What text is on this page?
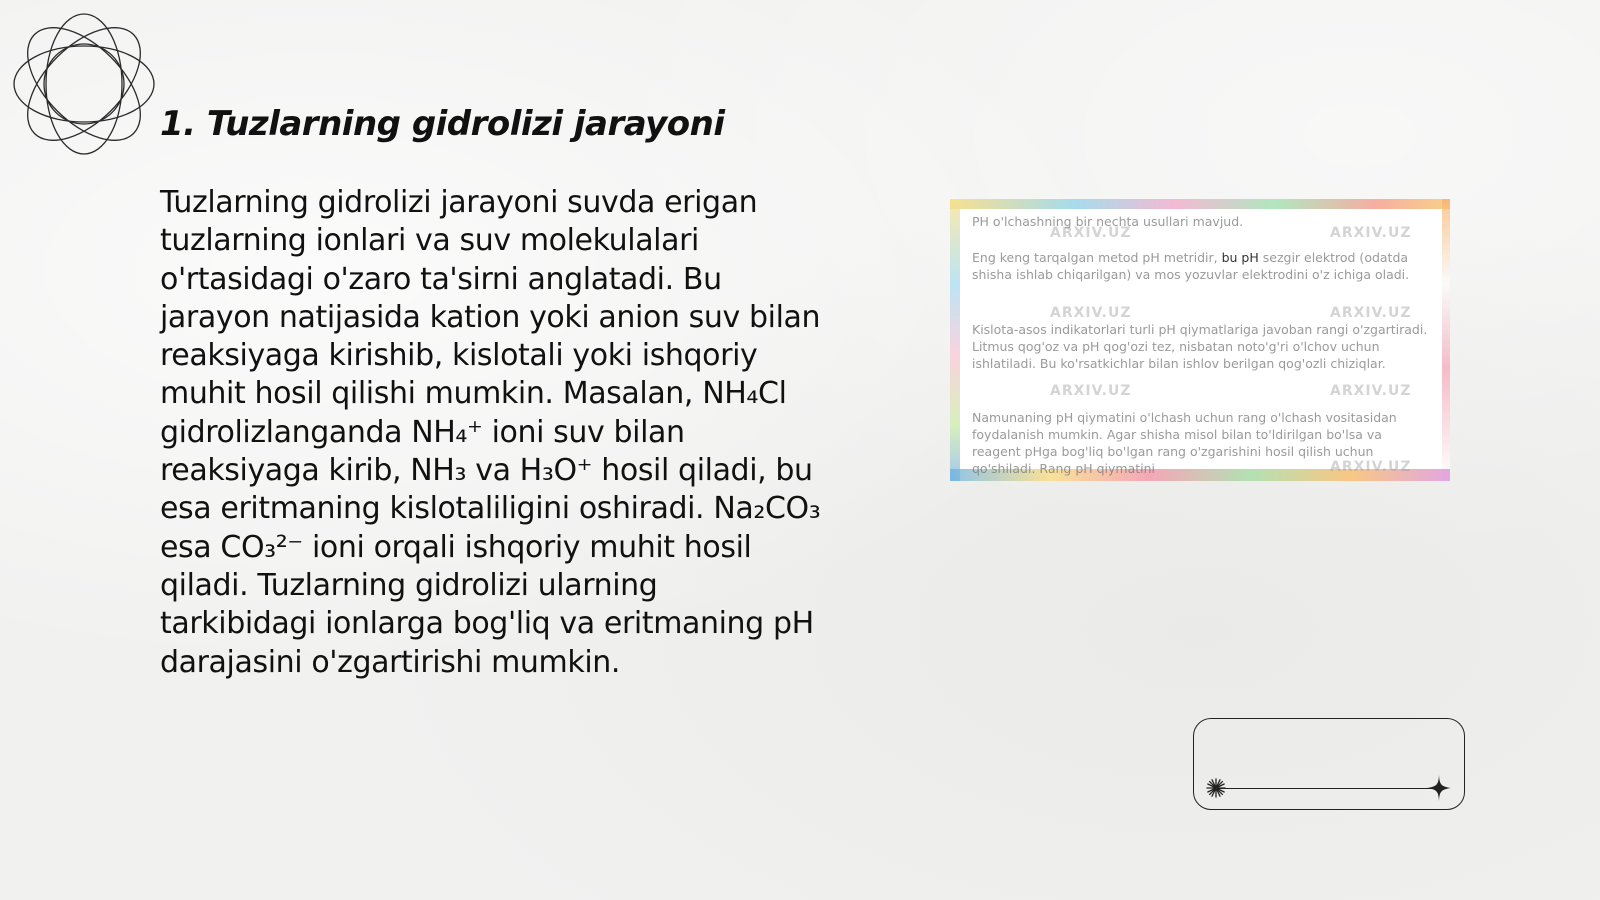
1. Tuzlarning gidrolizi jarayoni

Tuzlarning gidrolizi jarayoni suvda erigan
tuzlarning ionlari va suv molekulalari
o'rtasidagi o'zaro ta'sirni anglatadi. Bu
jarayon natijasida kation yoki anion suv bilan
reaksiyaga kirishib, kislotali yoki ishqoriy
muhit hosil qilishi mumkin. Masalan, NH₄Cl
gidrolizlanganda NH₄⁺ ioni suv bilan
reaksiyaga kirib, NH₃ va H₃O⁺ hosil qiladi, bu
esa eritmaning kislotaliligini oshiradi. Na₂CO₃
esa CO₃²⁻ ioni orqali ishqoriy muhit hosil
qiladi. Tuzlarning gidrolizi ularning
tarkibidagi ionlarga bog'liq va eritmaning pH
darajasini o'zgartirishi mumkin.

ARXIV.UZ	ARXIV.UZ
ARXIV.UZ	ARXIV.UZ
ARXIV.UZ	ARXIV.UZ
ARXIV.UZ

PH o'lchashning bir nechta usullari mavjud.

Eng keng tarqalgan metod pH metridir, bu pH sezgir elektrod (odatda shisha ishlab chiqarilgan) va mos yozuvlar elektrodini o'z ichiga oladi.

Kislota-asos indikatorlari turli pH qiymatlariga javoban rangi o'zgartiradi. Litmus qog'oz va pH qog'ozi tez, nisbatan noto'g'ri o'lchov uchun ishlatiladi. Bu ko'rsatkichlar bilan ishlov berilgan qog'ozli chiziqlar.

Namunaning pH qiymatini o'lchash uchun rang o'lchash vositasidan foydalanish mumkin. Agar shisha misol bilan to'ldirilgan bo'lsa va reagent pHga bog'liq bo'lgan rang o'zgarishini hosil qilish uchun qo'shiladi. Rang pH qiymatini
